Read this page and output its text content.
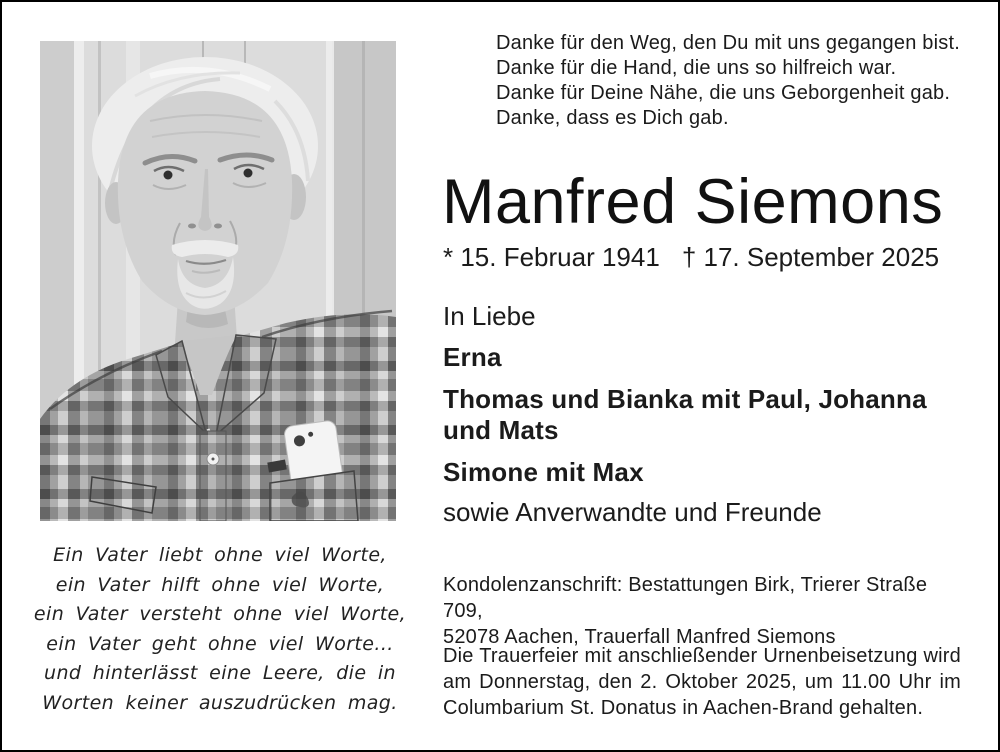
Ein Vater liebt ohne viel Worte,
ein Vater hilft ohne viel Worte,
ein Vater versteht ohne viel Worte,
ein Vater geht ohne viel Worte...
und hinterlässt eine Leere, die in
Worten keiner auszudrücken mag.
Danke für den Weg, den Du mit uns gegangen bist.
Danke für die Hand, die uns so hilfreich war.
Danke für Deine Nähe, die uns Geborgenheit gab.
Danke, dass es Dich gab.
Manfred Siemons
* 15. Februar 1941 † 17. September 2025
In Liebe
Erna
Thomas und Bianka mit Paul, Johanna und Mats
Simone mit Max
sowie Anverwandte und Freunde
Kondolenzanschrift: Bestattungen Birk, Trierer Straße 709,
52078 Aachen, Trauerfall Manfred Siemons
Die Trauerfeier mit anschließender Urnenbeisetzung wird
am Donnerstag, den 2. Oktober 2025, um 11.00 Uhr im
Columbarium St. Donatus in Aachen-Brand gehalten.
